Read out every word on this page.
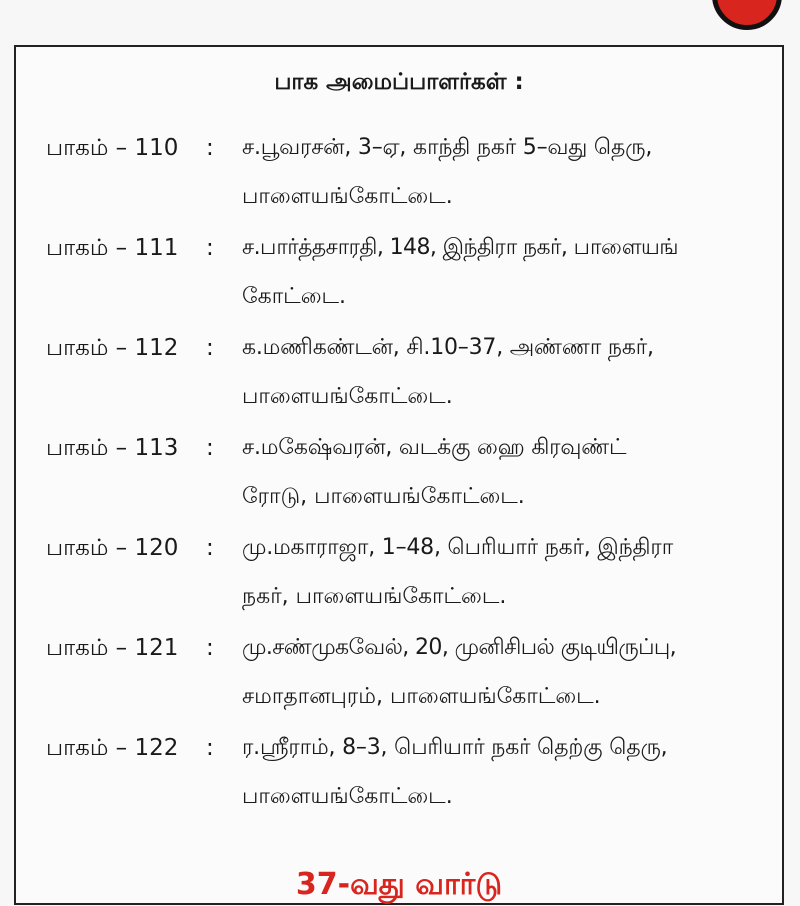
பாக அமைப்பாளர்கள் :
பாகம் – 110 : ச.பூவரசன், 3–ஏ, காந்தி நகர் 5–வது தெரு,
பாளையங்கோட்டை.
பாகம் – 111 : ச.பார்த்தசாரதி, 148, இந்திரா நகர், பாளையங்
கோட்டை.
பாகம் – 112 : க.மணிகண்டன், சி.10–37, அண்ணா நகர்,
பாளையங்கோட்டை.
பாகம் – 113 : ச.மகேஷ்வரன், வடக்கு ஹை கிரவுண்ட்
ரோடு, பாளையங்கோட்டை.
பாகம் – 120 : மு.மகாராஜா, 1–48, பெரியார் நகர், இந்திரா
நகர், பாளையங்கோட்டை.
பாகம் – 121 : மு.சண்முகவேல், 20, முனிசிபல் குடியிருப்பு,
சமாதானபுரம், பாளையங்கோட்டை.
பாகம் – 122 : ர.ஸ்ரீராம், 8–3, பெரியார் நகர் தெற்கு தெரு,
பாளையங்கோட்டை.
37-வது வார்டு
